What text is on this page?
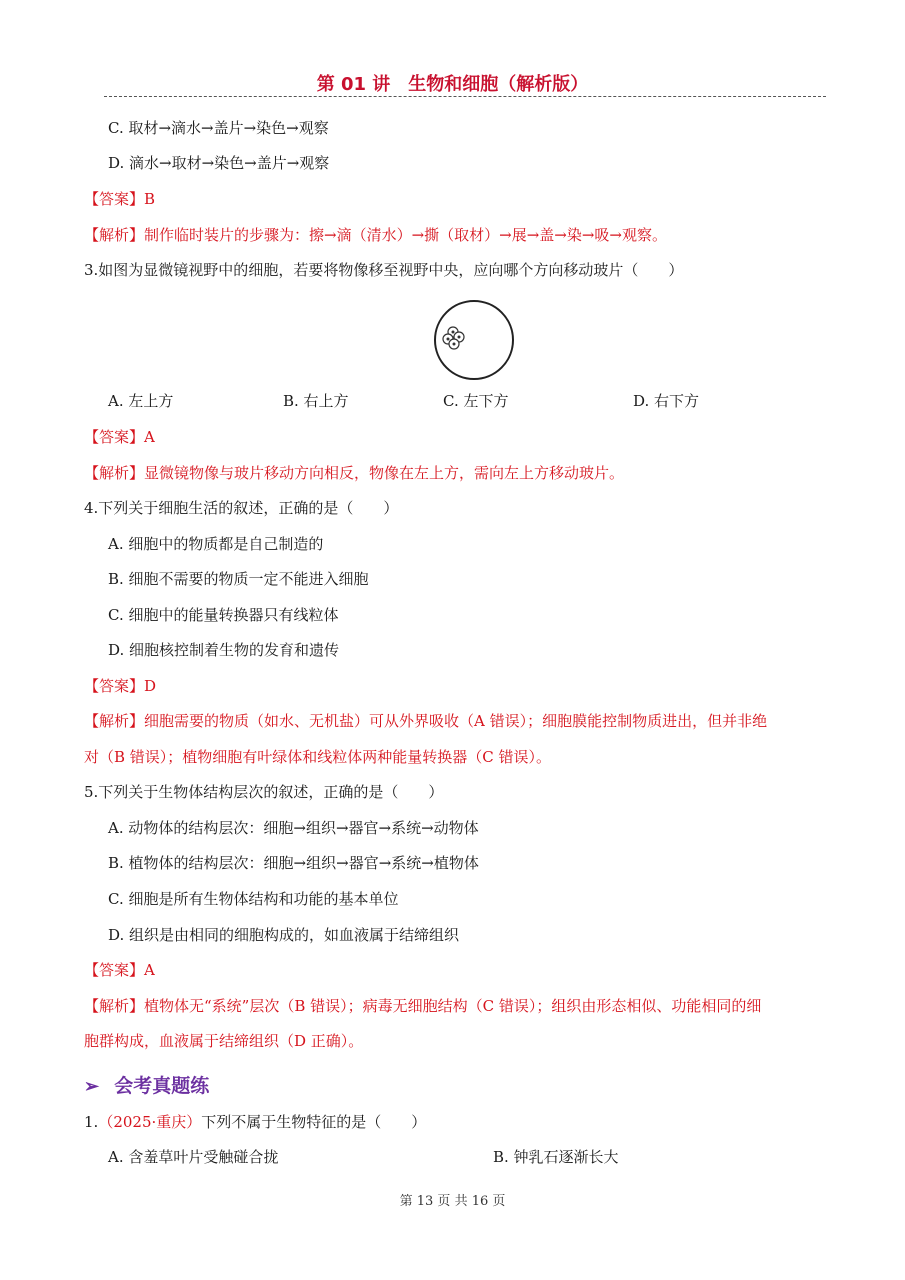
第 01 讲　生物和细胞（解析版）
C. 取材→滴水→盖片→染色→观察
D. 滴水→取材→染色→盖片→观察
【答案】B
【解析】制作临时装片的步骤为：擦→滴（清水）→撕（取材）→展→盖→染→吸→观察。
3.如图为显微镜视野中的细胞，若要将物像移至视野中央，应向哪个方向移动玻片（　　）
A. 左上方	B. 右上方	C. 左下方	D. 右下方
【答案】A
【解析】显微镜物像与玻片移动方向相反，物像在左上方，需向左上方移动玻片。
4.下列关于细胞生活的叙述，正确的是（　　）
A. 细胞中的物质都是自己制造的
B. 细胞不需要的物质一定不能进入细胞
C. 细胞中的能量转换器只有线粒体
D. 细胞核控制着生物的发育和遗传
【答案】D
【解析】细胞需要的物质（如水、无机盐）可从外界吸收（A 错误）；细胞膜能控制物质进出，但并非绝
对（B 错误）；植物细胞有叶绿体和线粒体两种能量转换器（C 错误）。
5.下列关于生物体结构层次的叙述，正确的是（　　）
A. 动物体的结构层次：细胞→组织→器官→系统→动物体
B. 植物体的结构层次：细胞→组织→器官→系统→植物体
C. 细胞是所有生物体结构和功能的基本单位
D. 组织是由相同的细胞构成的，如血液属于结缔组织
【答案】A
【解析】植物体无“系统”层次（B 错误）；病毒无细胞结构（C 错误）；组织由形态相似、功能相同的细
胞群构成，血液属于结缔组织（D 正确）。
➢ 会考真题练
1.（2025·重庆）下列不属于生物特征的是（　　）
A. 含羞草叶片受触碰合拢	B. 钟乳石逐渐长大
第 13 页 共 16 页
